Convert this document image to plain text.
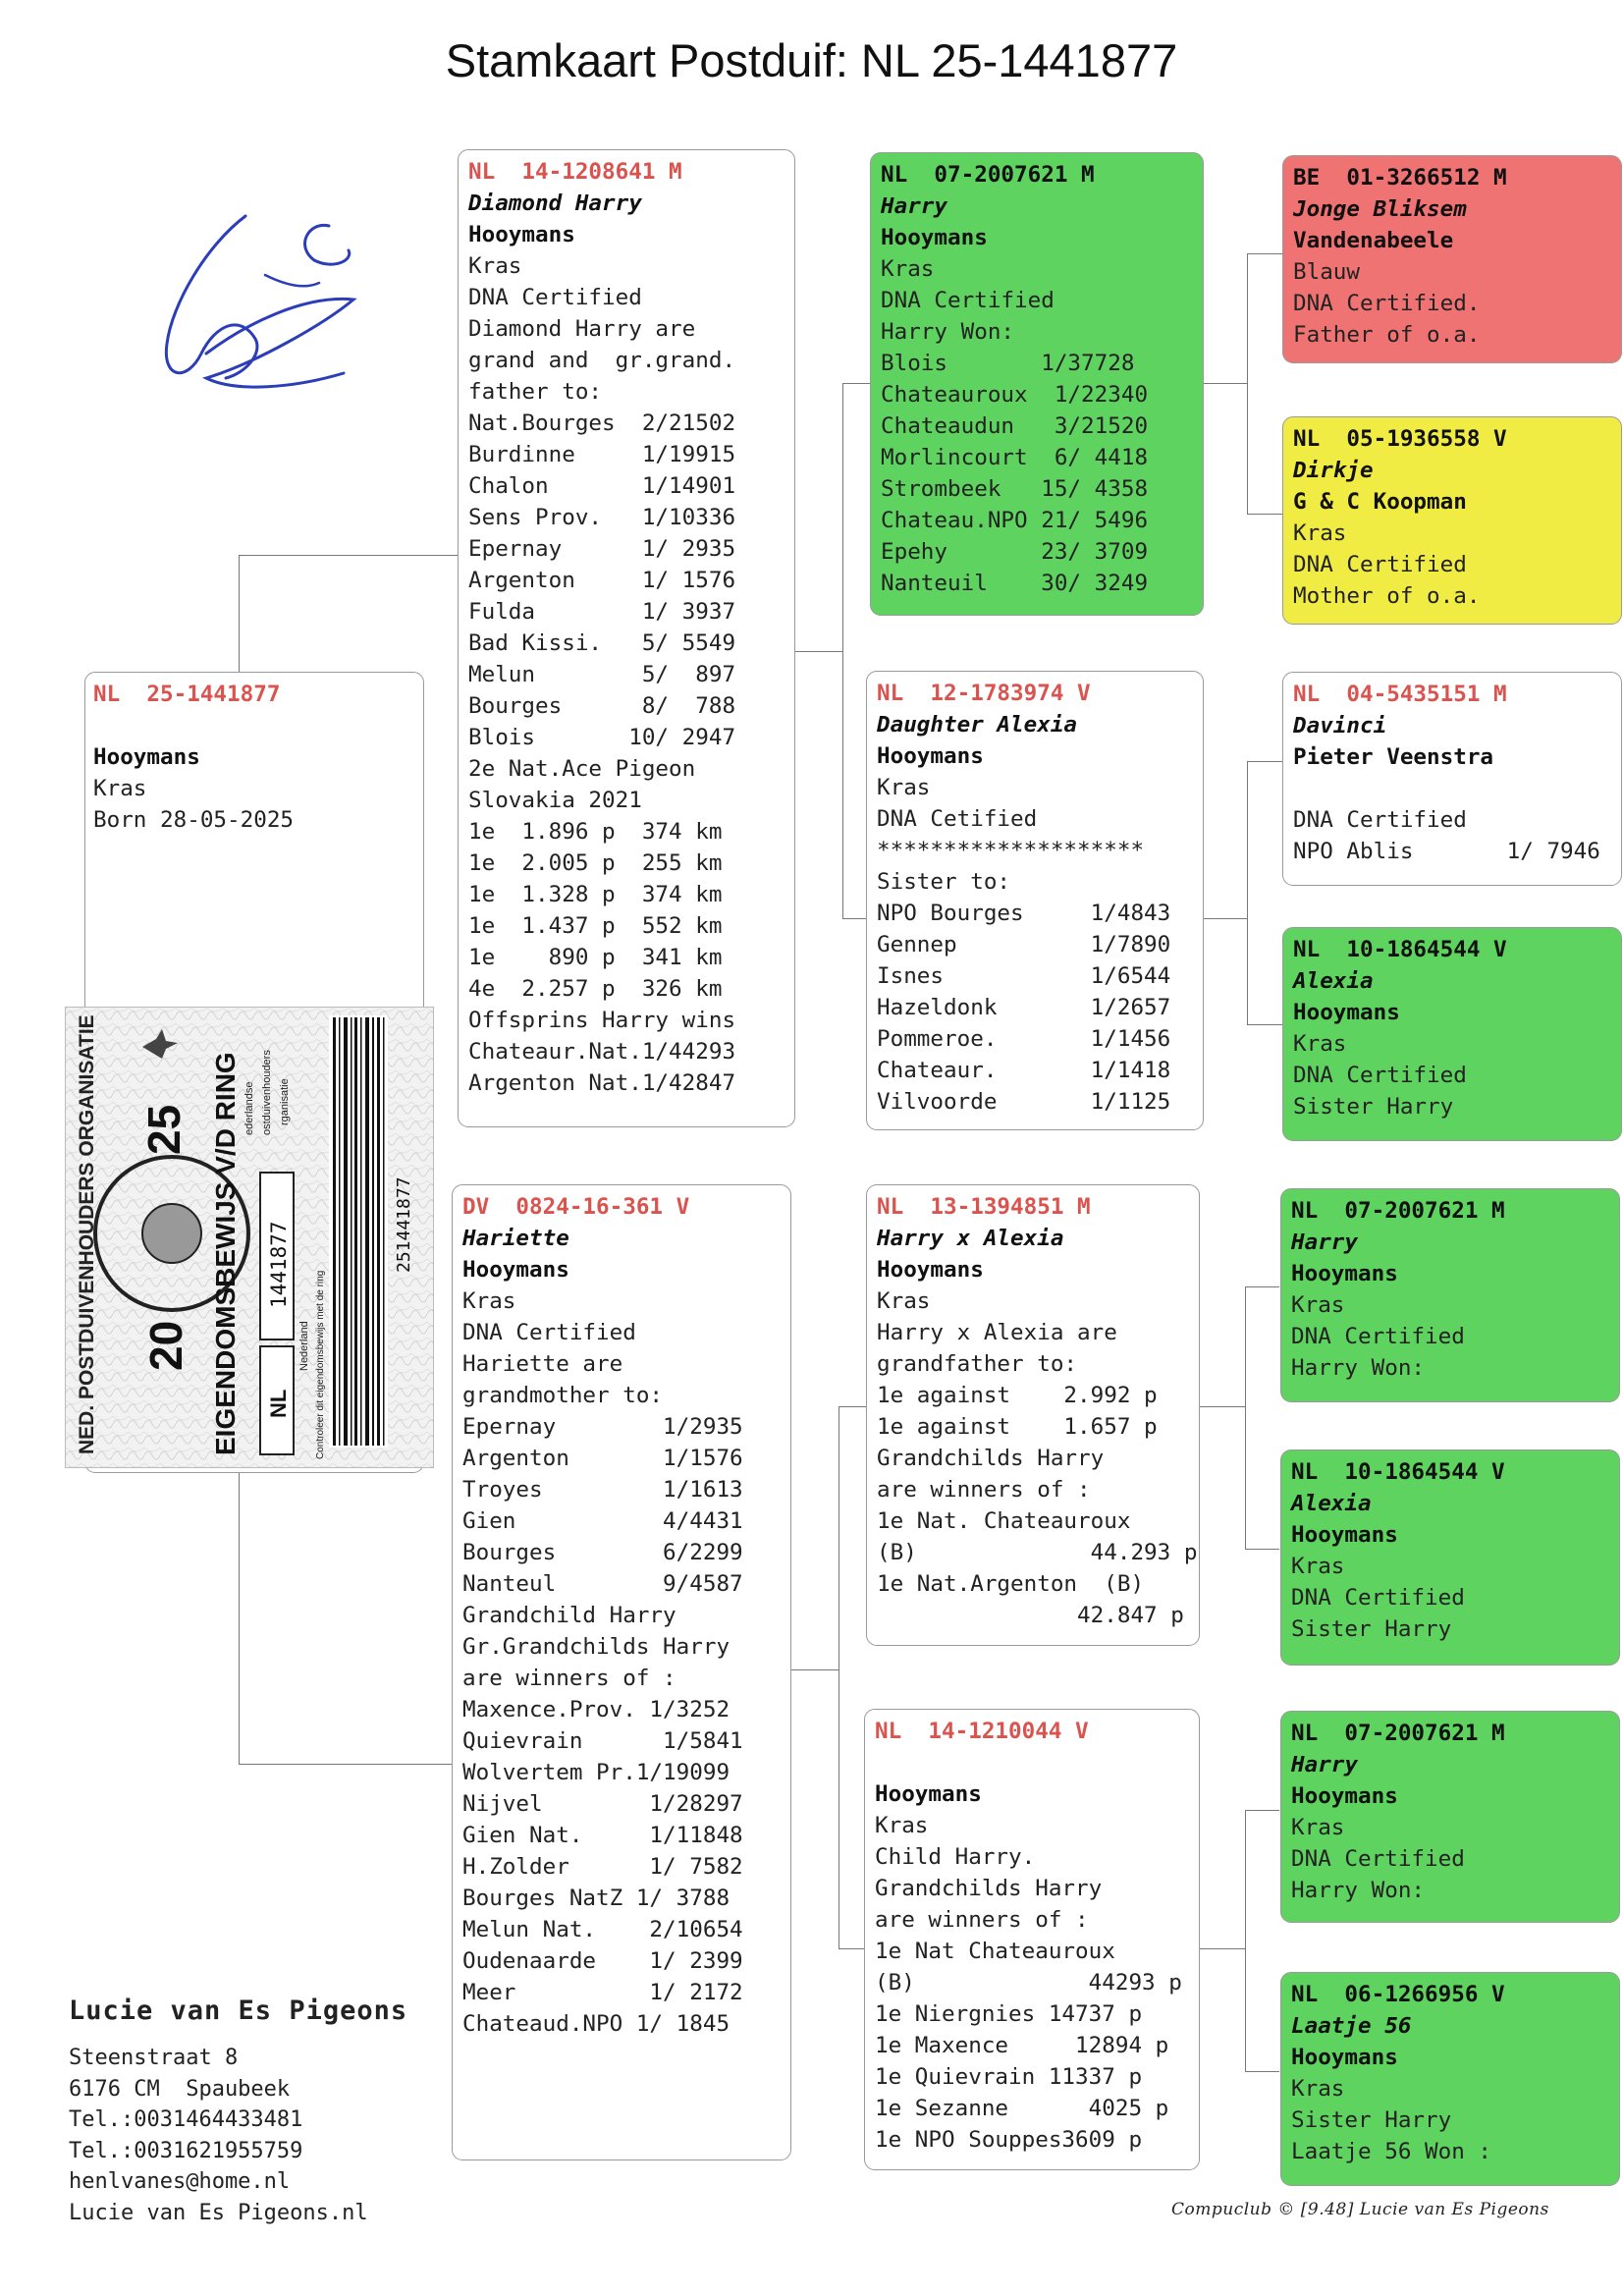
Stamkaart Postduif: NL 25-1441877
NL  25-1441877
Hooymans
Kras
Born 28-05-2025
NED. POSTDUIVENHOUDERS ORGANISATIE 20
25 EIGENDOMSBEWIJS V/D RING ederlandse ostduivenhouders rganisatie
1441877
NL
Nederland Controleer dit eigendomsbewijs met de ring
251441877
NL  14-1208641 M
Diamond Harry
Hooymans
Kras
DNA Certified
Diamond Harry are
grand and  gr.grand.
father to:
Nat.Bourges  2/21502
Burdinne     1/19915
Chalon       1/14901
Sens Prov.   1/10336
Epernay      1/ 2935
Argenton     1/ 1576
Fulda        1/ 3937
Bad Kissi.   5/ 5549
Melun        5/  897
Bourges      8/  788
Blois       10/ 2947
2e Nat.Ace Pigeon
Slovakia 2021
1e  1.896 p  374 km
1e  2.005 p  255 km
1e  1.328 p  374 km
1e  1.437 p  552 km
1e    890 p  341 km
4e  2.257 p  326 km
Offsprins Harry wins
Chateaur.Nat.1/44293
Argenton Nat.1/42847
DV  0824-16-361 V
Hariette
Hooymans
Kras
DNA Certified
Hariette are
grandmother to:
Epernay        1/2935
Argenton       1/1576
Troyes         1/1613
Gien           4/4431
Bourges        6/2299
Nanteul        9/4587
Grandchild Harry
Gr.Grandchilds Harry
are winners of :
Maxence.Prov. 1/3252
Quievrain      1/5841
Wolvertem Pr.1/19099
Nijvel        1/28297
Gien Nat.     1/11848
H.Zolder      1/ 7582
Bourges NatZ 1/ 3788
Melun Nat.    2/10654
Oudenaarde    1/ 2399
Meer          1/ 2172
Chateaud.NPO 1/ 1845
NL  07-2007621 M
Harry
Hooymans
Kras
DNA Certified
Harry Won:
Blois       1/37728
Chateauroux  1/22340
Chateaudun   3/21520
Morlincourt  6/ 4418
Strombeek   15/ 4358
Chateau.NPO 21/ 5496
Epehy       23/ 3709
Nanteuil    30/ 3249
NL  12-1783974 V
Daughter Alexia
Hooymans
Kras
DNA Cetified
********************
Sister to:
NPO Bourges     1/4843
Gennep          1/7890
Isnes           1/6544
Hazeldonk       1/2657
Pommeroe.       1/1456
Chateaur.       1/1418
Vilvoorde       1/1125
NL  13-1394851 M
Harry x Alexia
Hooymans
Kras
Harry x Alexia are
grandfather to:
1e against    2.992 p
1e against    1.657 p
Grandchilds Harry
are winners of :
1e Nat. Chateauroux
(B)             44.293 p
1e Nat.Argenton  (B)
42.847 p
NL  14-1210044 V
Hooymans
Kras
Child Harry.
Grandchilds Harry
are winners of :
1e Nat Chateauroux
(B)             44293 p
1e Niergnies 14737 p
1e Maxence     12894 p
1e Quievrain 11337 p
1e Sezanne      4025 p
1e NPO Souppes3609 p
BE  01-3266512 M
Jonge Bliksem
Vandenabeele
Blauw
DNA Certified.
Father of o.a.
NL  05-1936558 V
Dirkje
G & C Koopman
Kras
DNA Certified
Mother of o.a.
NL  04-5435151 M
Davinci
Pieter Veenstra
DNA Certified
NPO Ablis       1/ 7946
NL  10-1864544 V
Alexia
Hooymans
Kras
DNA Certified
Sister Harry
NL  07-2007621 M
Harry
Hooymans
Kras
DNA Certified
Harry Won:
NL  10-1864544 V
Alexia
Hooymans
Kras
DNA Certified
Sister Harry
NL  07-2007621 M
Harry
Hooymans
Kras
DNA Certified
Harry Won:
NL  06-1266956 V
Laatje 56
Hooymans
Kras
Sister Harry
Laatje 56 Won :
Lucie van Es Pigeons
Steenstraat 8
6176 CM  Spaubeek
Tel.:0031464433481
Tel.:0031621955759
henlvanes@home.nl
Lucie van Es Pigeons.nl	Compuclub © [9.48] Lucie van Es Pigeons
